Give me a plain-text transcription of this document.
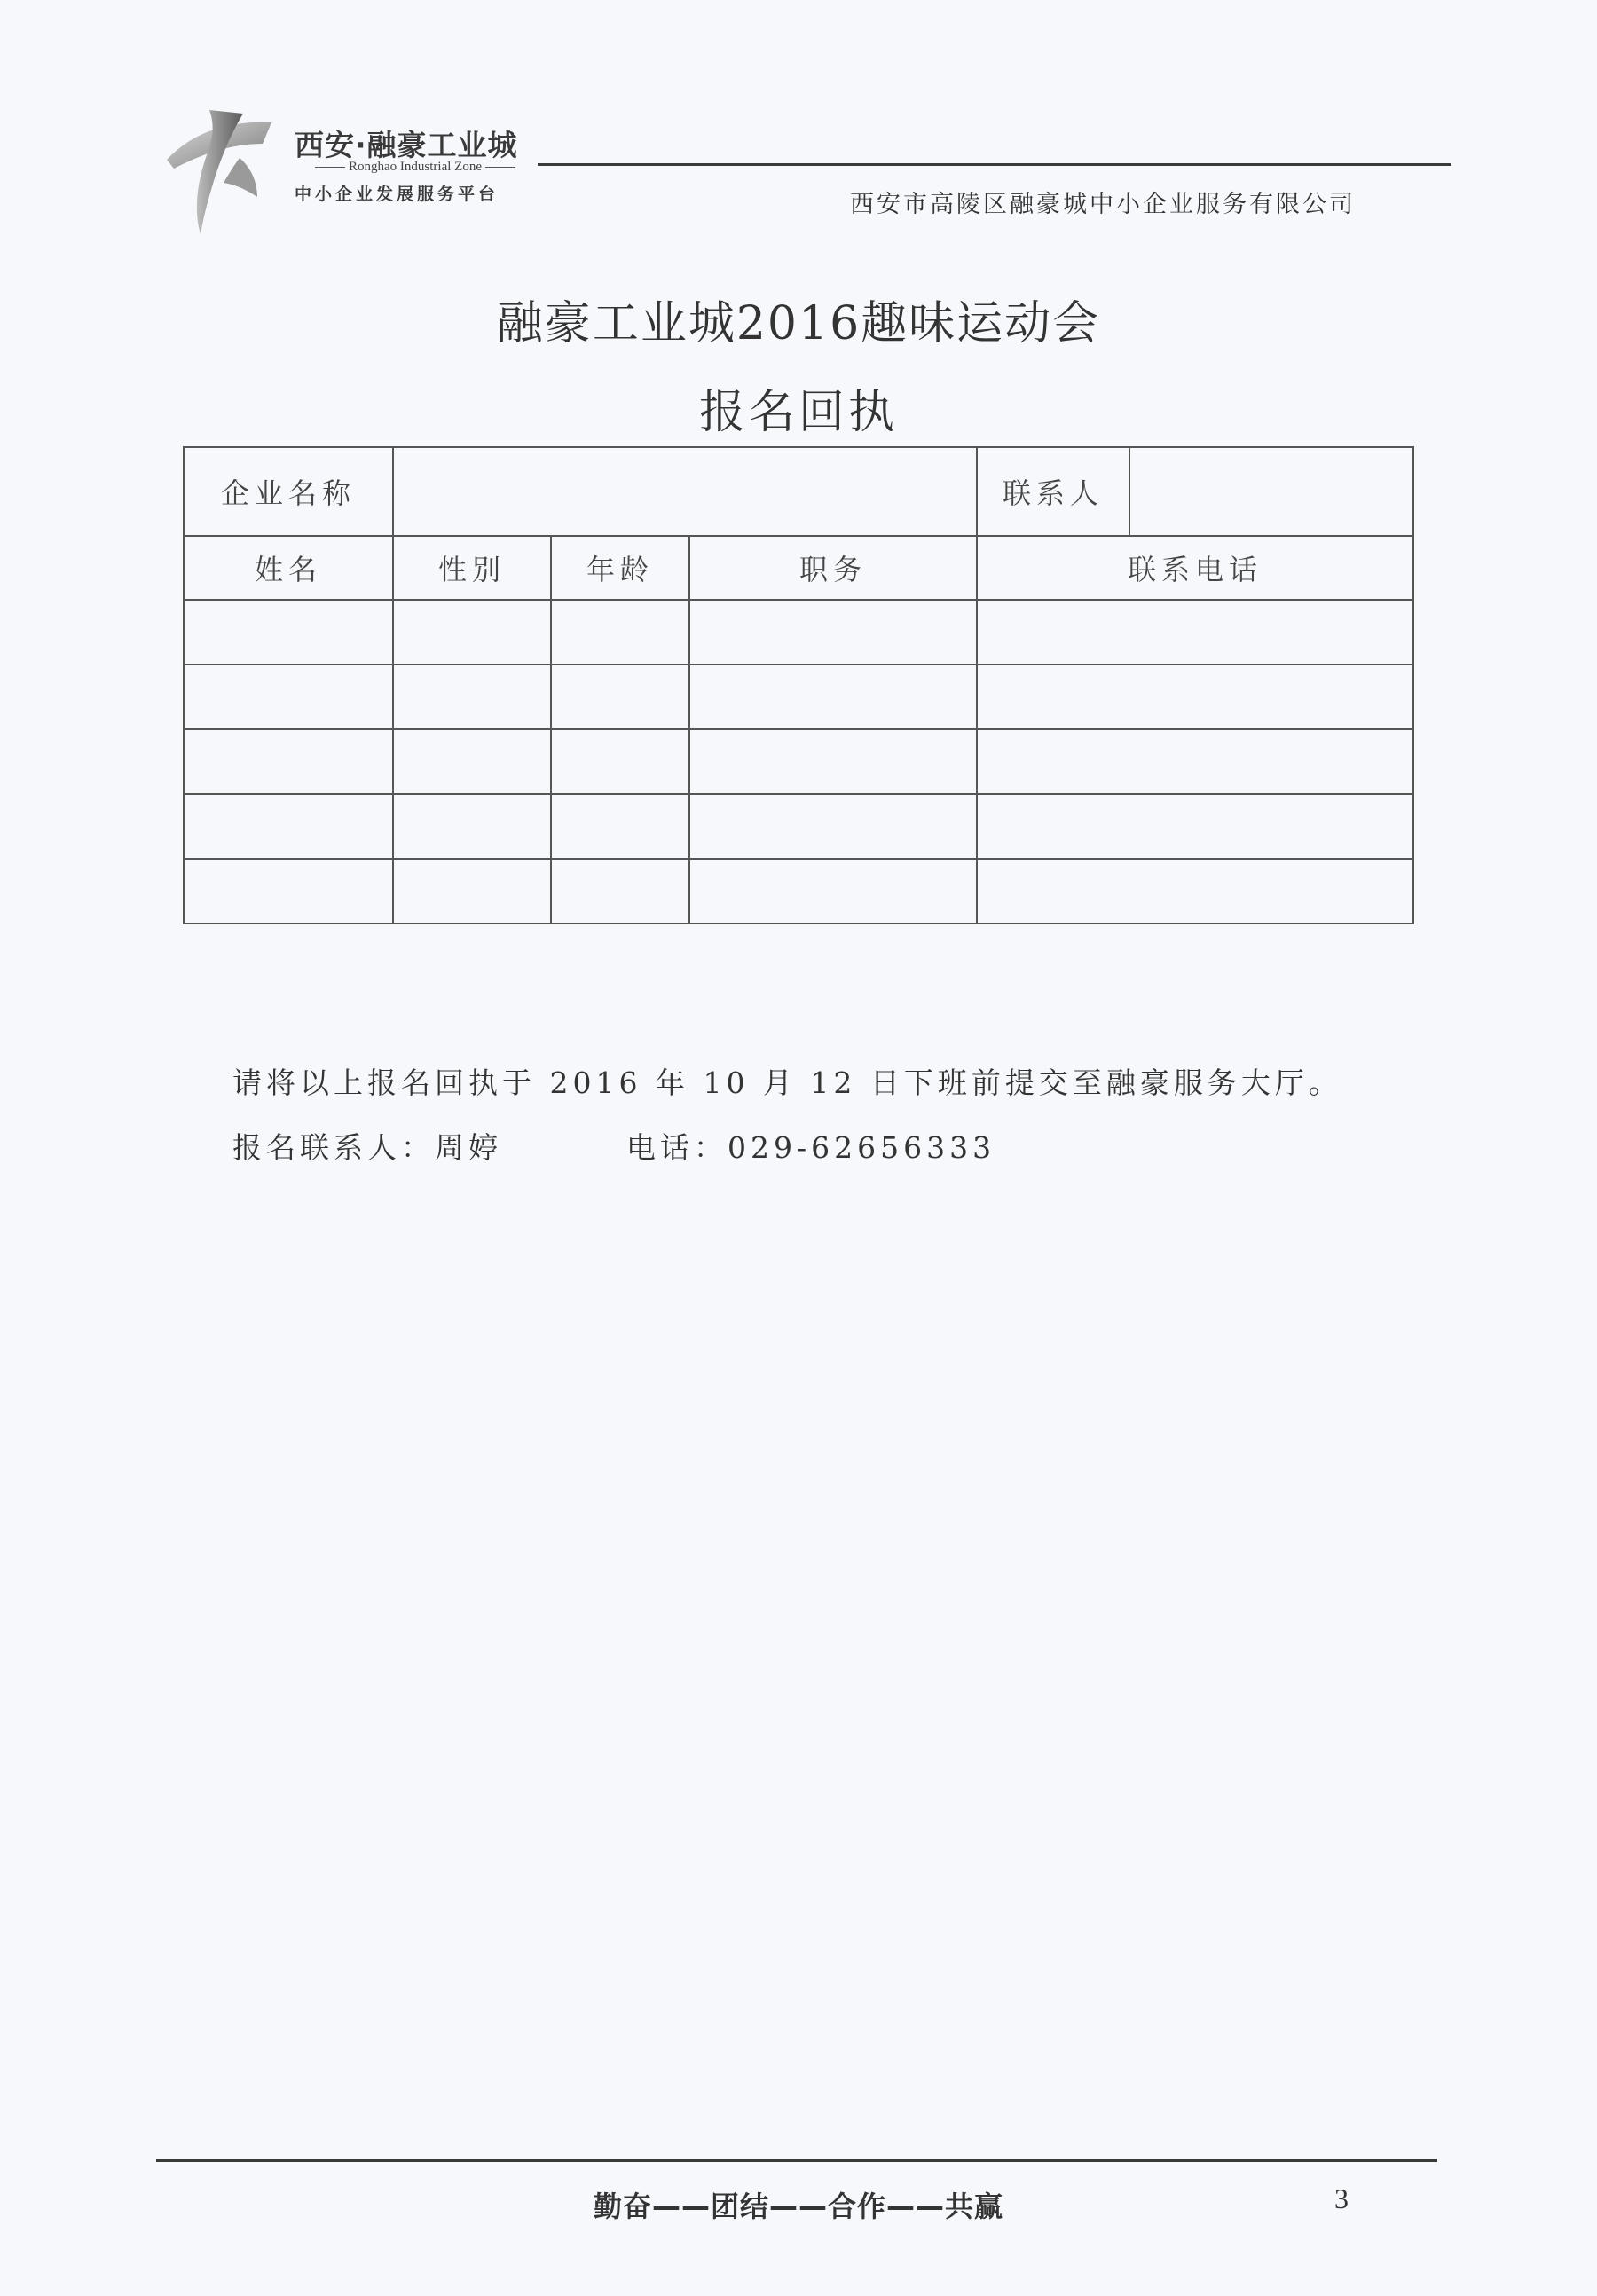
西安·融豪工业城
Ronghao Industrial Zone
中小企业发展服务平台	西安市高陵区融豪城中小企业服务有限公司
融豪工业城2016趣味运动会
报名回执
企业名称				联系人	
姓名	性别	年龄	职务	联系电话	

请将以上报名回执于 2016 年 10 月 12 日下班前提交至融豪服务大厅。
报名联系人：周婷	电话：029-62656333
勤奋——团结——合作——共赢	3
